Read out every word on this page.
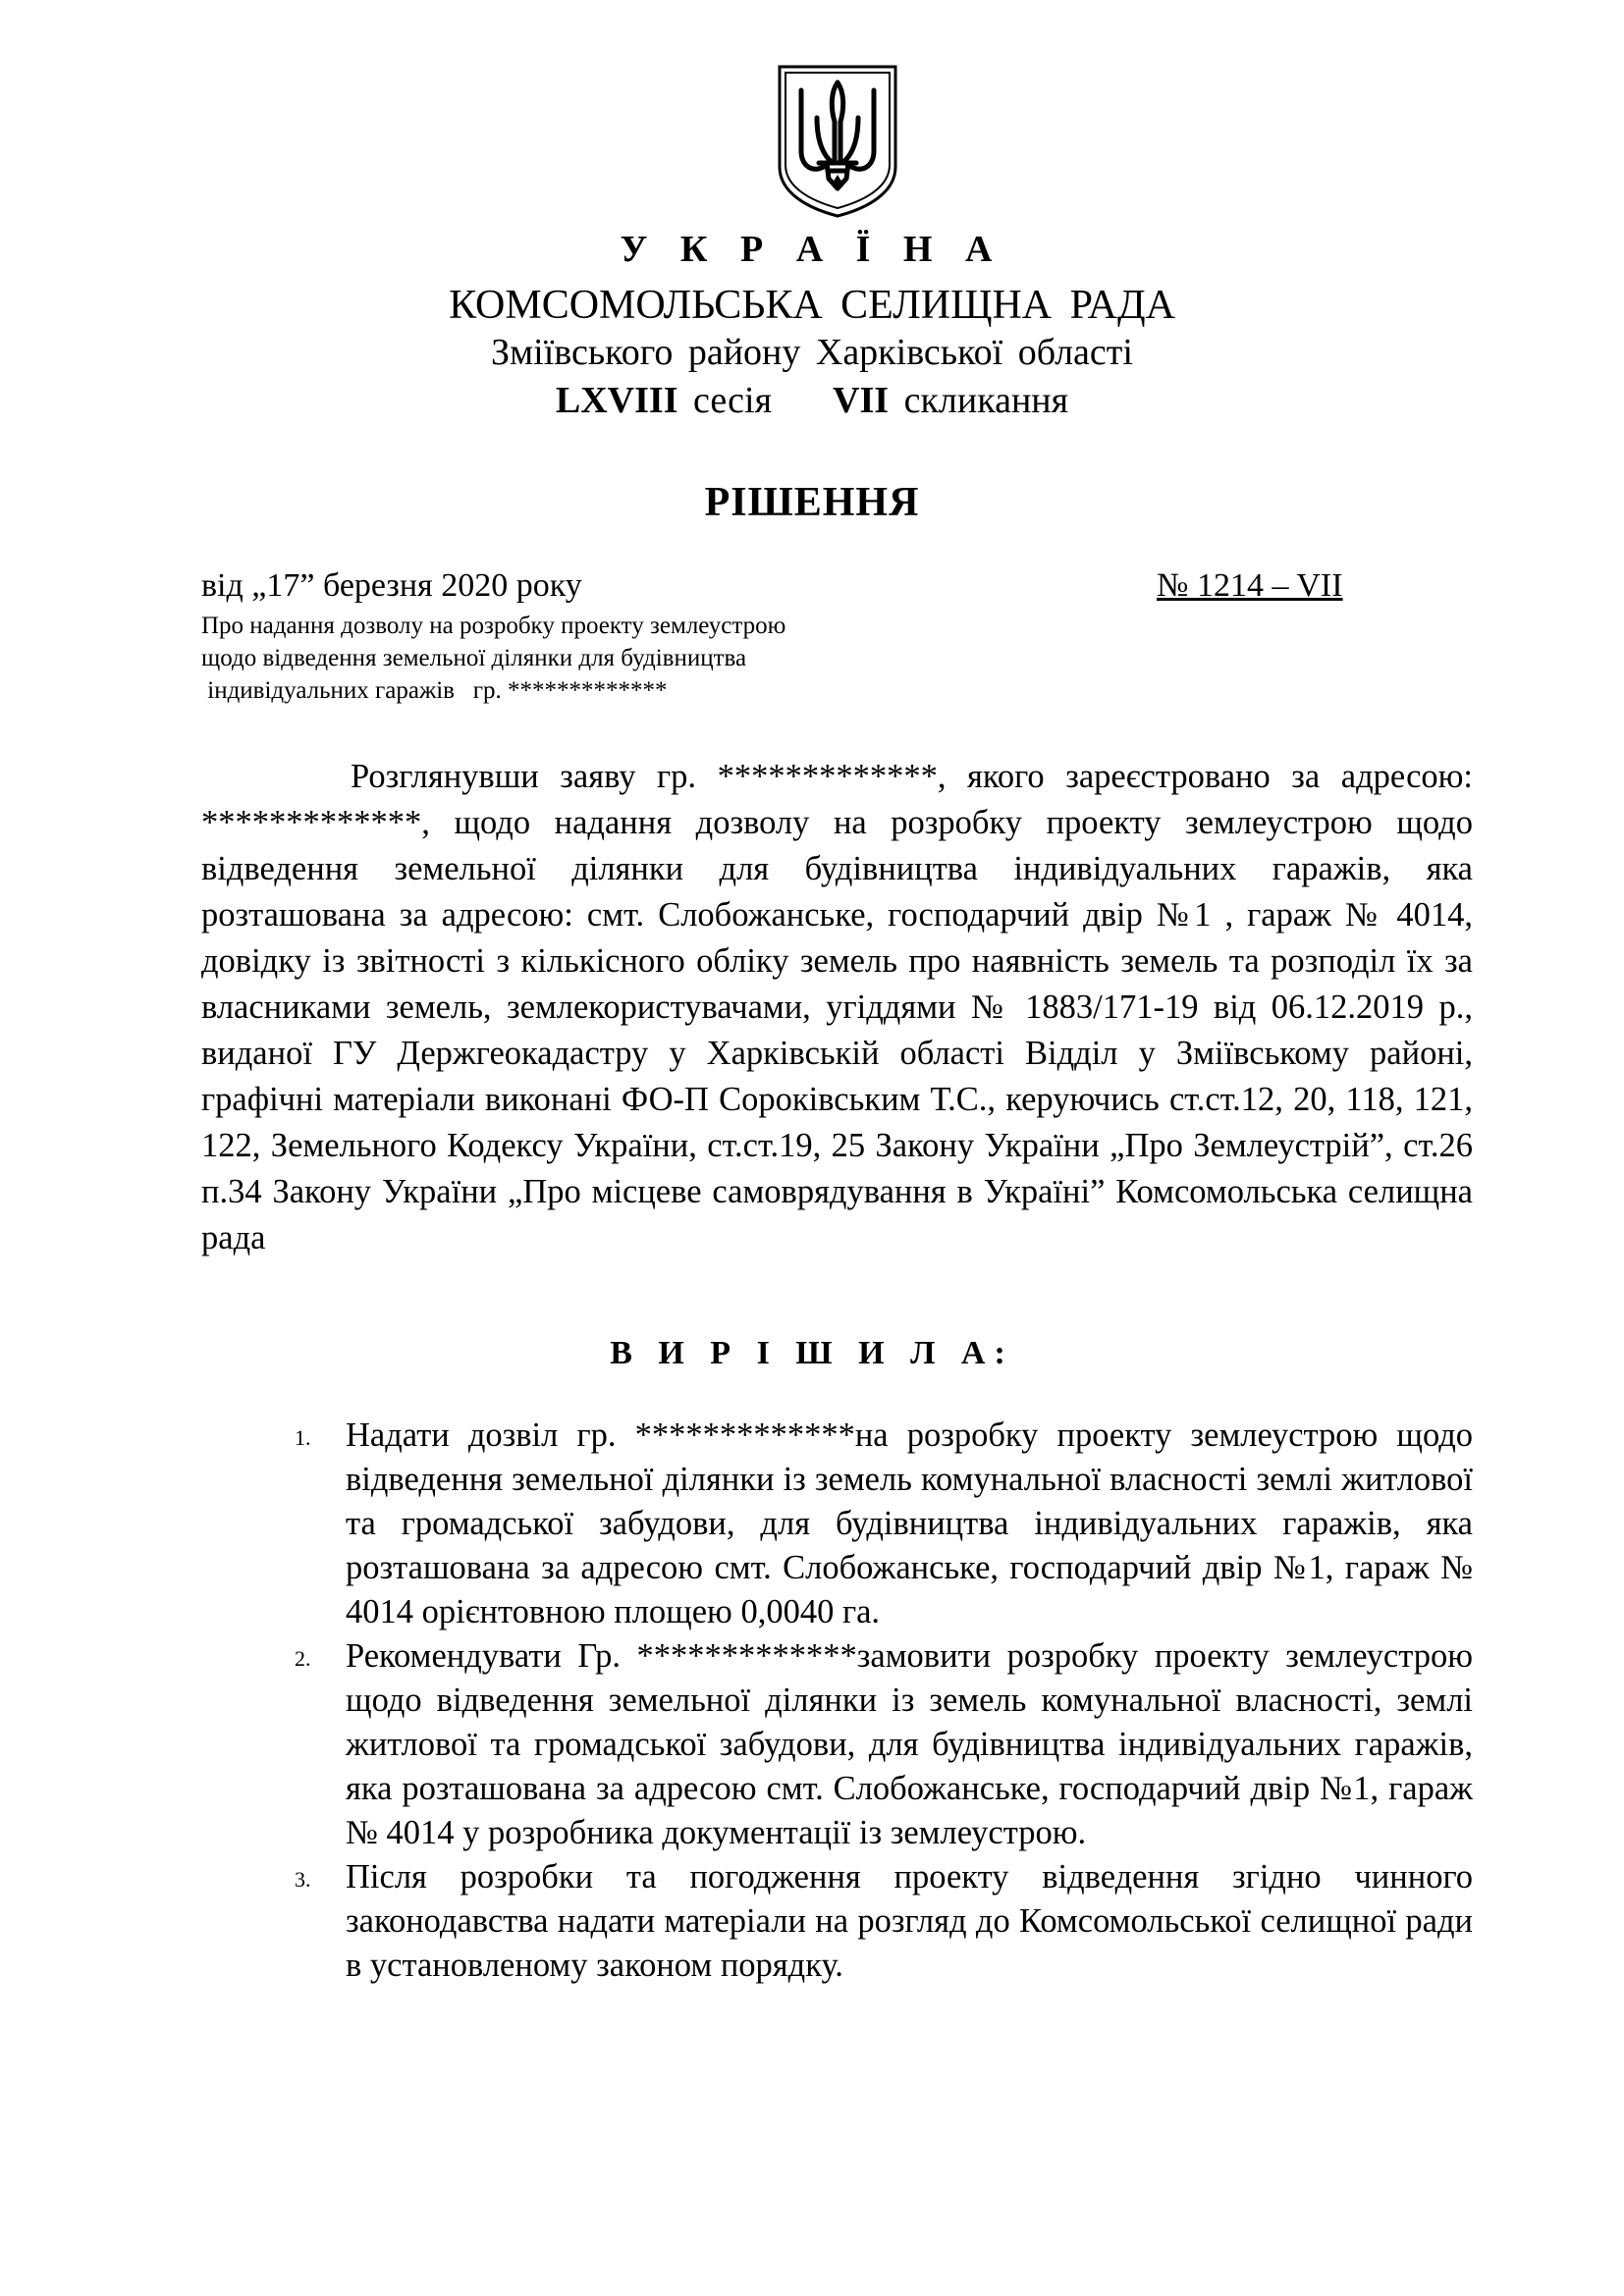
У К Р А Ї Н А
КОМСОМОЛЬСЬКА СЕЛИЩНА РАДА
Зміївського району Харківської області
LXVIII сесія VII скликання
РІШЕННЯ
від „17” березня 2020 року	№ 1214 – VII
Про надання дозволу на розробку проекту землеустрою
щодо відведення земельної ділянки для будівництва
індивідуальних гаражів   гр. *************
Розглянувши заяву гр. *************, якого зареєстровано за адресою: *************, щодо надання дозволу на розробку проекту землеустрою щодо відведення земельної ділянки для будівництва індивідуальних гаражів, яка розташована за адресою: смт. Слобожанське, господарчий двір №1 , гараж № 4014, довідку із звітності з кількісного обліку земель про наявність земель та розподіл їх за власниками земель, землекористувачами, угіддями № 1883/171-19 від 06.12.2019 р., виданої ГУ Держгеокадастру у Харківській області Відділ у Зміївському районі, графічні матеріали виконані ФО-П Сороківським Т.С., керуючись ст.ст.12, 20, 118, 121, 122, Земельного Кодексу України, ст.ст.19, 25 Закону України „Про Землеустрій”, ст.26 п.34 Закону України „Про місцеве самоврядування в Україні” Комсомольська селищна рада
В И Р І Ш И Л А:
1. Надати дозвіл гр. *************на розробку проекту землеустрою щодо відведення земельної ділянки із земель комунальної власності землі житлової та громадської забудови, для будівництва індивідуальних гаражів, яка розташована за адресою смт. Слобожанське, господарчий двір №1, гараж № 4014 орієнтовною площею 0,0040 га.
2. Рекомендувати Гр. *************замовити розробку проекту землеустрою щодо відведення земельної ділянки із земель комунальної власності, землі житлової та громадської забудови, для будівництва індивідуальних гаражів, яка розташована за адресою смт. Слобожанське, господарчий двір №1, гараж № 4014 у розробника документації із землеустрою.
3. Після розробки та погодження проекту відведення згідно чинного законодавства надати матеріали на розгляд до Комсомольської селищної ради в установленому законом порядку.
